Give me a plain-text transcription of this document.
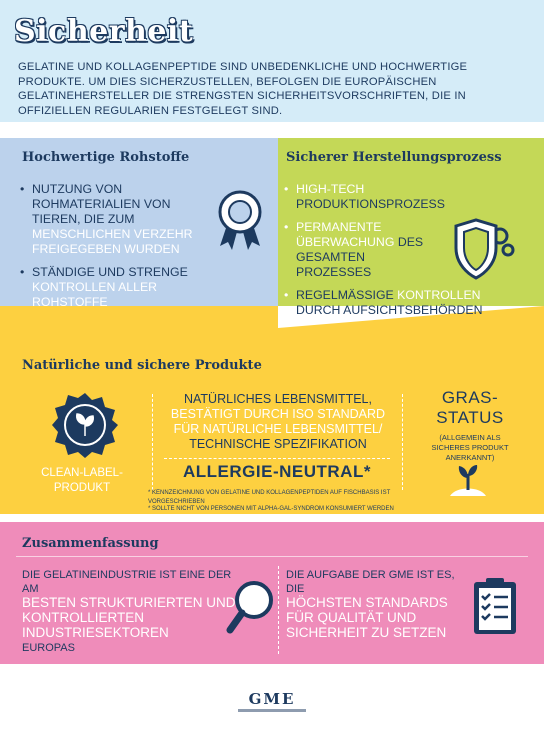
Sicherheit
GELATINE UND KOLLAGENPEPTIDE SIND UNBEDENKLICHE UND HOCHWERTIGE PRODUKTE. UM DIES SICHERZUSTELLEN, BEFOLGEN DIE EUROPÄISCHEN GELATINEHERSTELLER DIE STRENGSTEN SICHERHEITSVORSCHRIFTEN, DIE IN OFFIZIELLEN REGULARIEN FESTGELEGT SIND.
Hochwertige Rohstoffe
• NUTZUNG VON ROHMATERIALIEN VON TIEREN, DIE ZUM MENSCHLICHEN VERZEHR FREIGEGEBEN WURDEN
• STÄNDIGE UND STRENGE KONTROLLEN ALLER ROHSTOFFE
Sicherer Herstellungsprozess
• HIGH-TECH
PRODUKTIONSPROZESS
• PERMANENTE ÜBERWACHUNG DES GESAMTEN PROZESSES
• REGELMÄSSIGE KONTROLLEN DURCH AUFSICHTSBEHÖRDEN
Natürliche und sichere Produkte
CLEAN-LABEL-PRODUKT
NATÜRLICHES LEBENSMITTEL,
BESTÄTIGT DURCH ISO STANDARD FÜR NATÜRLICHE LEBENSMITTEL/
TECHNISCHE SPEZIFIKATION
ALLERGIE-NEUTRAL*
* KENNZEICHNUNG VON GELATINE UND KOLLAGENPEPTIDEN AUF FISCHBASIS IST VORGESCHRIEBEN
* SOLLTE NICHT VON PERSONEN MIT ALPHA-GAL-SYNDROM KONSUMIERT WERDEN
GRAS-STATUS
(ALLGEMEIN ALS SICHERES PRODUKT ANERKANNT)
Zusammenfassung
DIE GELATINEINDUSTRIE IST EINE DER AM
BESTEN STRUKTURIERTEN UND KONTROLLIERTEN INDUSTRIESEKTOREN
EUROPAS
DIE AUFGABE DER GME IST ES, DIE
HÖCHSTEN STANDARDS FÜR QUALITÄT UND SICHERHEIT ZU SETZEN
GME
